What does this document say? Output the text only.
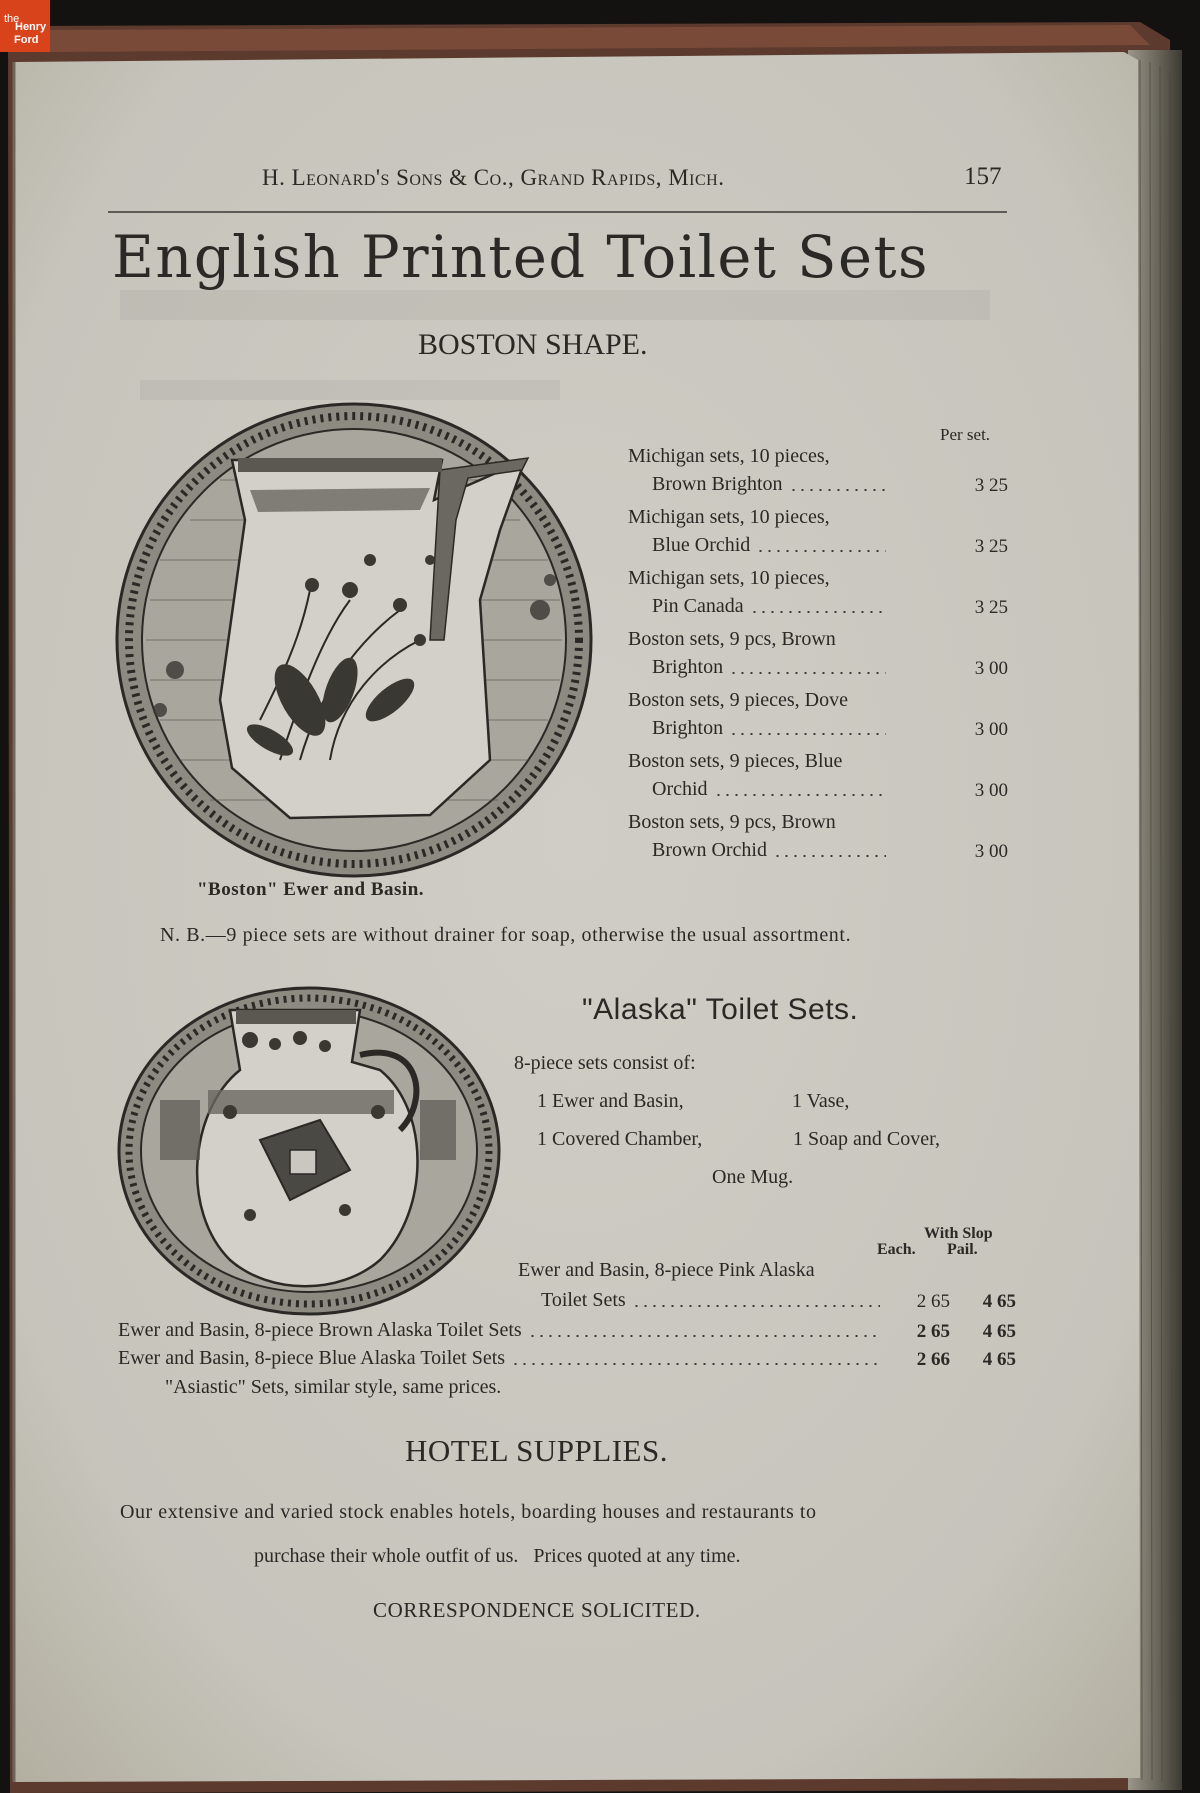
the
Henry
Ford
H. Leonard's Sons & Co., Grand Rapids, Mich.	157
English Printed Toilet Sets
BOSTON SHAPE.
Per set.
Michigan sets, 10 pieces,
Brown Brighton	3 25
Michigan sets, 10 pieces,
Blue Orchid	3 25
Michigan sets, 10 pieces,
Pin Canada	3 25
Boston sets, 9 pcs, Brown
Brighton	3 00
Boston sets, 9 pieces, Dove
Brighton	3 00
Boston sets, 9 pieces, Blue
Orchid	3 00
Boston sets, 9 pcs, Brown
Brown Orchid	3 00
"Boston" Ewer and Basin.
N. B.—9 piece sets are without drainer for soap, otherwise the usual assortment.
"Alaska" Toilet Sets.
8-piece sets consist of:
1 Ewer and Basin,	1 Vase,
1 Covered Chamber,	1 Soap and Cover,
One Mug.
With Slop
Each. Pail.
Ewer and Basin, 8-piece Pink Alaska
Toilet Sets	2 65	4 65
Ewer and Basin, 8-piece Brown Alaska Toilet Sets	2 65	4 65
Ewer and Basin, 8-piece Blue Alaska Toilet Sets	2 66	4 65
"Asiastic" Sets, similar style, same prices.
HOTEL SUPPLIES.
Our extensive and varied stock enables hotels, boarding houses and restaurants to
purchase their whole outfit of us.   Prices quoted at any time.
CORRESPONDENCE SOLICITED.
